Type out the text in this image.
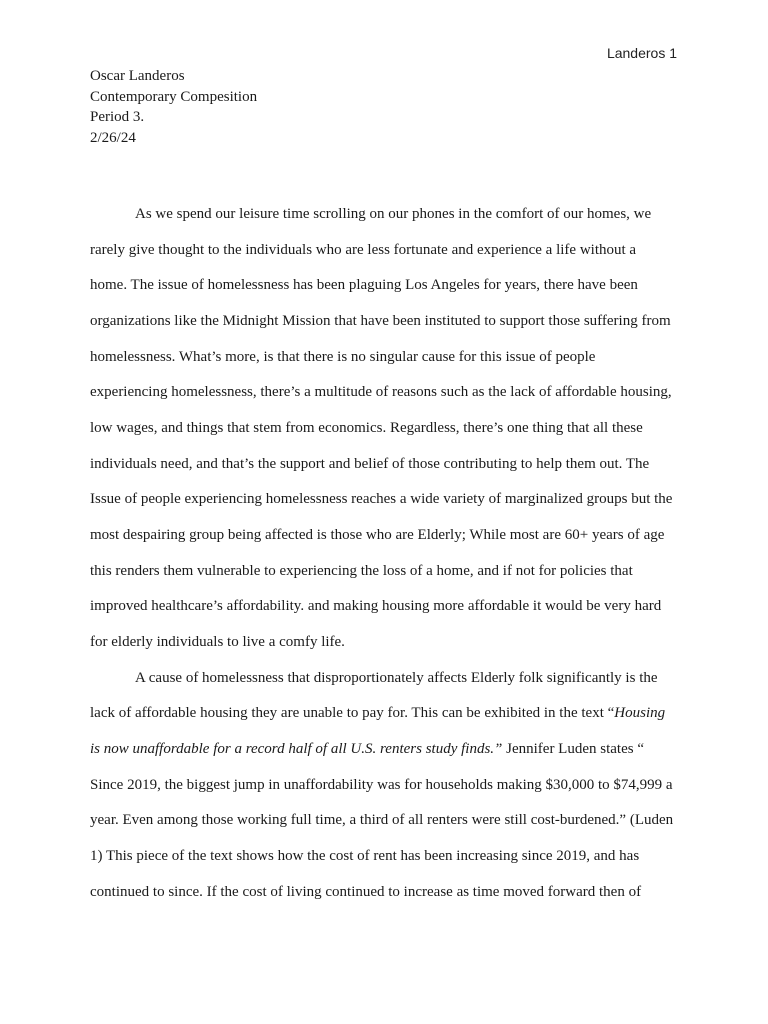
Landeros 1
Oscar Landeros
Contemporary Compesition
Period 3.
2/26/24
As we spend our leisure time scrolling on our phones in the comfort of our homes, we
rarely give thought to the individuals who are less fortunate and experience a life without a
home. The issue of homelessness has been plaguing Los Angeles for years, there have been
organizations like the Midnight Mission that have been instituted to support those suffering from
homelessness. What’s more, is that there is no singular cause for this issue of people
experiencing homelessness, there’s a multitude of reasons such as the lack of affordable housing,
low wages, and things that stem from economics. Regardless, there’s one thing that all these
individuals need, and that’s the support and belief of those contributing to help them out. The
Issue of people experiencing homelessness reaches a wide variety of marginalized groups but the
most despairing group being affected is those who are Elderly; While most are 60+ years of age
this renders them vulnerable to experiencing the loss of a home, and if not for policies that
improved healthcare’s affordability. and making housing more affordable it would be very hard
for elderly individuals to live a comfy life.
A cause of homelessness that disproportionately affects Elderly folk significantly is the
lack of affordable housing they are unable to pay for. This can be exhibited in the text “Housing
is now unaffordable for a record half of all U.S. renters study finds.” Jennifer Luden states “
Since 2019, the biggest jump in unaffordability was for households making $30,000 to $74,999 a
year. Even among those working full time, a third of all renters were still cost-burdened.” (Luden
1) This piece of the text shows how the cost of rent has been increasing since 2019, and has
continued to since. If the cost of living continued to increase as time moved forward then of
